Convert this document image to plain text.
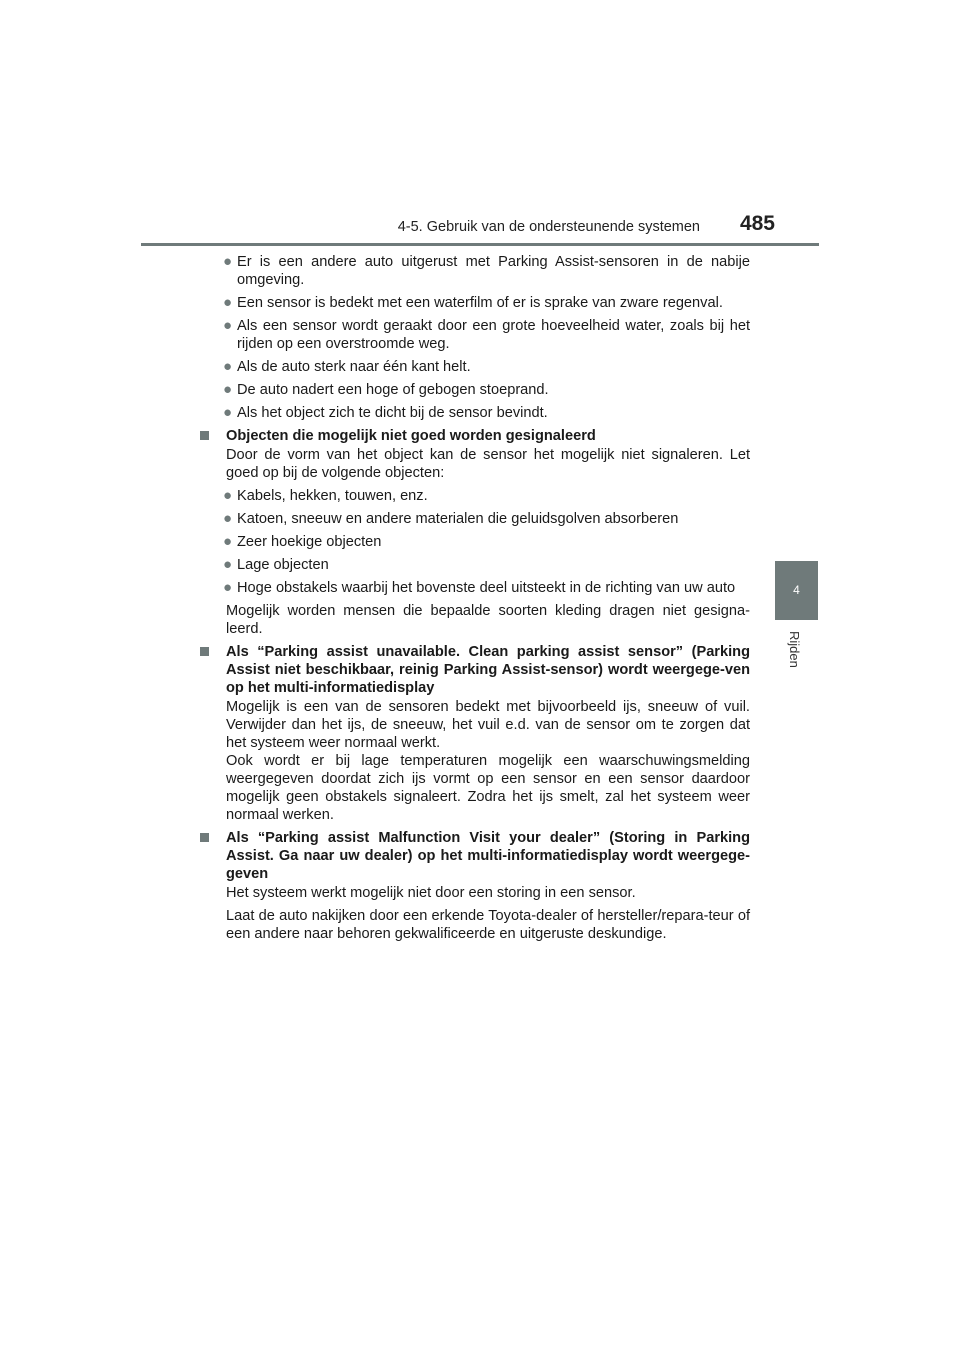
4-5. Gebruik van de ondersteunende systemen	485
4
Rijden
● Er is een andere auto uitgerust met Parking Assist-sensoren in de nabije omgeving.
● Een sensor is bedekt met een waterfilm of er is sprake van zware regenval.
● Als een sensor wordt geraakt door een grote hoeveelheid water, zoals bij het rijden op een overstroomde weg.
● Als de auto sterk naar één kant helt.
● De auto nadert een hoge of gebogen stoeprand.
● Als het object zich te dicht bij de sensor bevindt.
Objecten die mogelijk niet goed worden gesignaleerd
Door de vorm van het object kan de sensor het mogelijk niet signaleren. Let goed op bij de volgende objecten:
● Kabels, hekken, touwen, enz.
● Katoen, sneeuw en andere materialen die geluidsgolven absorberen
● Zeer hoekige objecten
● Lage objecten
● Hoge obstakels waarbij het bovenste deel uitsteekt in de richting van uw auto
Mogelijk worden mensen die bepaalde soorten kleding dragen niet gesigna-leerd.
Als “Parking assist unavailable. Clean parking assist sensor” (Parking Assist niet beschikbaar, reinig Parking Assist-sensor) wordt weergege-ven op het multi-informatiedisplay
Mogelijk is een van de sensoren bedekt met bijvoorbeeld ijs, sneeuw of vuil. Verwijder dan het ijs, de sneeuw, het vuil e.d. van de sensor om te zorgen dat het systeem weer normaal werkt.
Ook wordt er bij lage temperaturen mogelijk een waarschuwingsmelding weergegeven doordat zich ijs vormt op een sensor en een sensor daardoor mogelijk geen obstakels signaleert. Zodra het ijs smelt, zal het systeem weer normaal werken.
Als “Parking assist Malfunction Visit your dealer” (Storing in Parking Assist. Ga naar uw dealer) op het multi-informatiedisplay wordt weergege-geven
Het systeem werkt mogelijk niet door een storing in een sensor.
Laat de auto nakijken door een erkende Toyota-dealer of hersteller/repara-teur of een andere naar behoren gekwalificeerde en uitgeruste deskundige.
